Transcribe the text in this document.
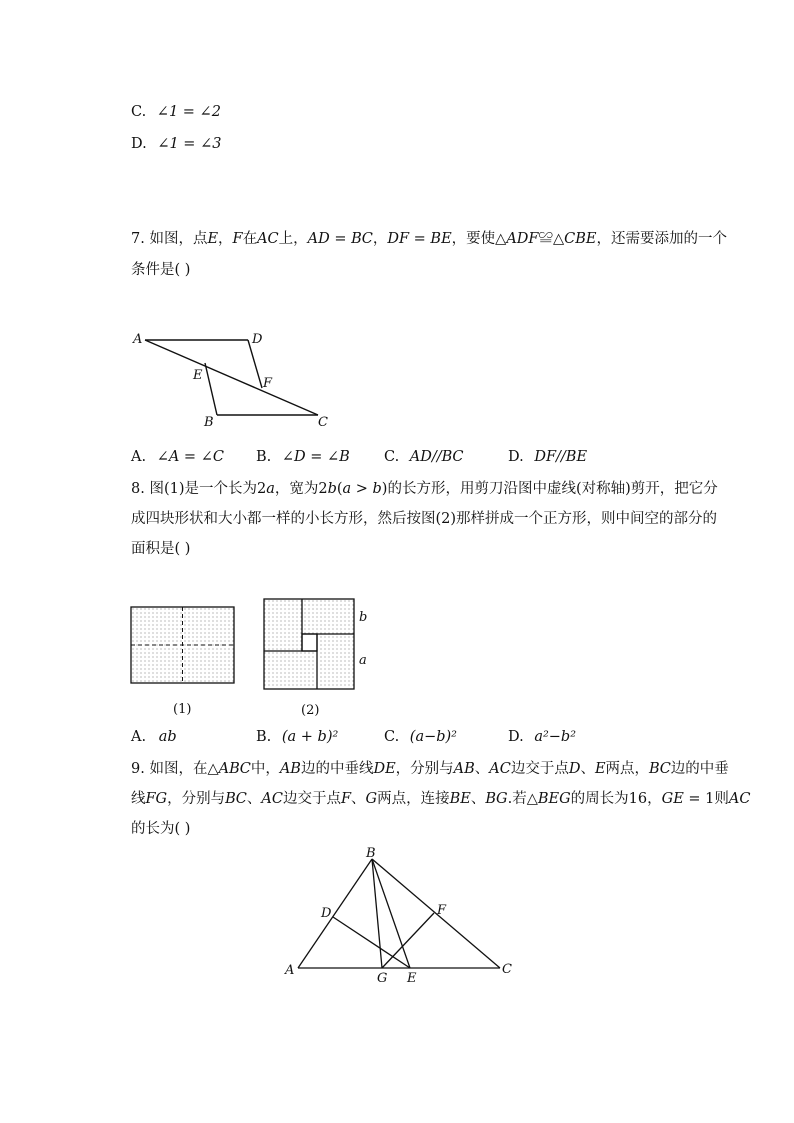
C. ∠1 = ∠2
D. ∠1 = ∠3
7. 如图，点𝐸，𝐹在𝐴𝐶上，𝐴𝐷 = 𝐵𝐶，𝐷𝐹 = 𝐵𝐸，要使△𝐴𝐷𝐹≌△𝐶𝐵𝐸，还需要添加的一个
条件是( )
A	D
E
F
B	C
A. ∠𝐴 = ∠𝐶 B. ∠𝐷 = ∠𝐵 C. 𝐴𝐷//𝐵𝐶	D. 𝐷𝐹//𝐵𝐸
8. 图(1)是一个长为2𝑎，宽为2𝑏(𝑎 > 𝑏)的长方形，用剪刀沿图中虚线(对称轴)剪开，把它分
成四块形状和大小都一样的小长方形，然后按图(2)那样拼成一个正方形，则中间空的部分的
面积是( )
b
a
(1)	(2)
A. 𝑎𝑏	B. (𝑎 + 𝑏)²	C. (𝑎−𝑏)²	D. 𝑎²−𝑏²
9. 如图，在△𝐴𝐵𝐶中，𝐴𝐵边的中垂线𝐷𝐸，分别与𝐴𝐵、𝐴𝐶边交于点𝐷、𝐸两点，𝐵𝐶边的中垂
线𝐹𝐺，分别与𝐵𝐶、𝐴𝐶边交于点𝐹、𝐺两点，连接𝐵𝐸、𝐵𝐺.若△𝐵𝐸𝐺的周长为16，𝐺𝐸 = 1则𝐴𝐶
的长为( )
B
D	F
A
G E
C
